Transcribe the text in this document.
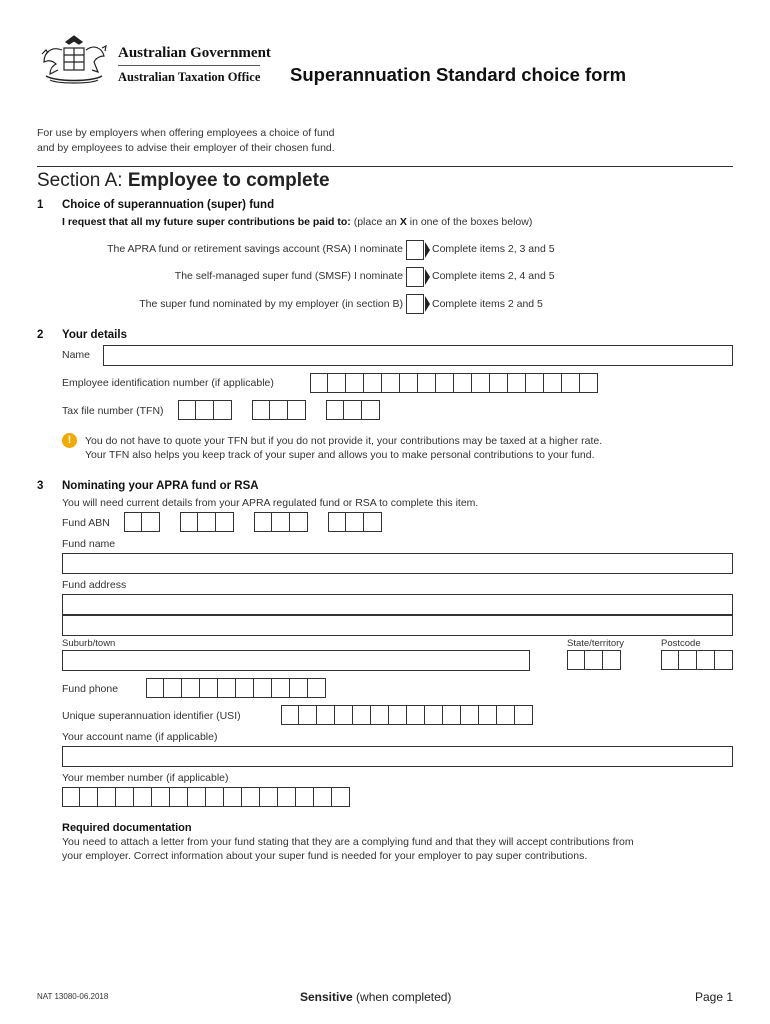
Australian Government
Australian Taxation Office Superannuation Standard choice form
For use by employers when offering employees a choice of fund
and by employees to advise their employer of their chosen fund.
Section A: Employee to complete
1 Choice of superannuation (super) fund
I request that all my future super contributions be paid to: (place an X in one of the boxes below)
The APRA fund or retirement savings account (RSA) I nominate	Complete items 2, 3 and 5
The self-managed super fund (SMSF) I nominate	Complete items 2, 4 and 5
The super fund nominated by my employer (in section B)	Complete items 2 and 5
2 Your details
Name
Employee identification number (if applicable)
Tax file number (TFN)
!	You do not have to quote your TFN but if you do not provide it, your contributions may be taxed at a higher rate.
Your TFN also helps you keep track of your super and allows you to make personal contributions to your fund.
3 Nominating your APRA fund or RSA
You will need current details from your APRA regulated fund or RSA to complete this item.
Fund ABN
Fund name
Fund address
Suburb/town	State/territory	Postcode
Fund phone
Unique superannuation identifier (USI)
Your account name (if applicable)
Your member number (if applicable)
Required documentation
You need to attach a letter from your fund stating that they are a complying fund and that they will accept contributions from
your employer. Correct information about your super fund is needed for your employer to pay super contributions.
NAT 13080-06.2018	Sensitive (when completed)	Page 1
